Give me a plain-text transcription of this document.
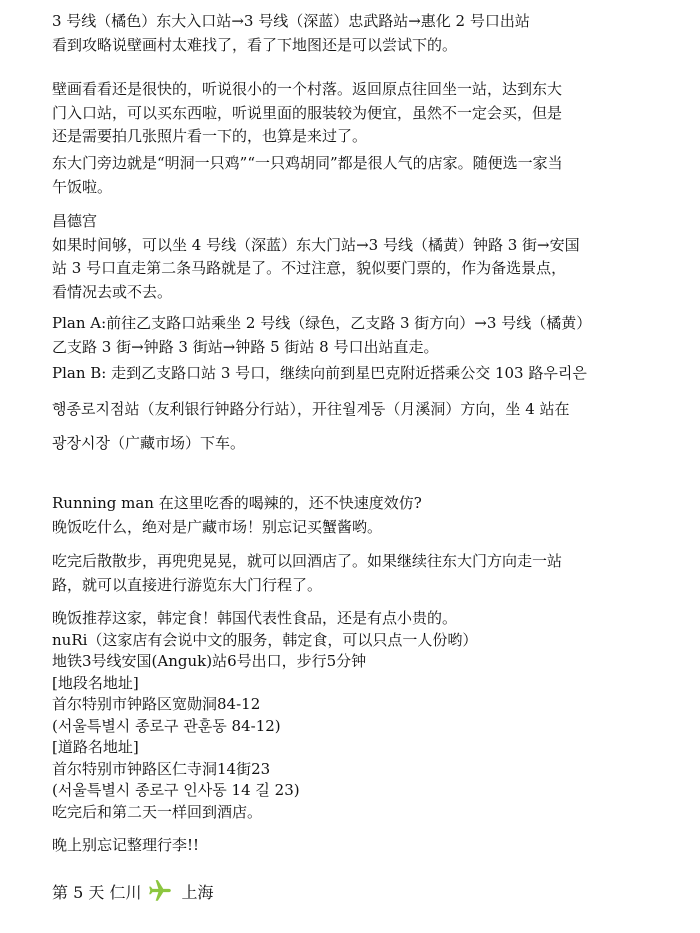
3 号线（橘色）东大入口站→3 号线（深蓝）忠武路站→惠化 2 号口出站
看到攻略说壁画村太难找了，看了下地图还是可以尝试下的。

壁画看看还是很快的，听说很小的一个村落。返回原点往回坐一站，达到东大
门入口站，可以买东西啦，听说里面的服装较为便宜，虽然不一定会买，但是
还是需要拍几张照片看一下的，也算是来过了。

东大门旁边就是“明洞一只鸡”“一只鸡胡同”都是很人气的店家。随便选一家当
午饭啦。

昌德宫
如果时间够，可以坐 4 号线（深蓝）东大门站→3 号线（橘黄）钟路 3 街→安国
站 3 号口直走第二条马路就是了。不过注意，貌似要门票的，作为备选景点，
看情况去或不去。

Plan A:前往乙支路口站乘坐 2 号线（绿色，乙支路 3 街方向）→3 号线（橘黄）
乙支路 3 街→钟路 3 街站→钟路 5 街站 8 号口出站直走。

Plan B: 走到乙支路口站 3 号口，继续向前到星巴克附近搭乘公交 103 路우리은

행종로지점站（友利银行钟路分行站），开往월계동（月溪洞）方向，坐 4 站在

광장시장（广藏市场）下车。

Running man 在这里吃香的喝辣的，还不快速度效仿?
晚饭吃什么，绝对是广藏市场！别忘记买蟹酱哟。

吃完后散散步，再兜兜晃晃，就可以回酒店了。如果继续往东大门方向走一站
路，就可以直接进行游览东大门行程了。

晚饭推荐这家，韩定食！韩国代表性食品，还是有点小贵的。
nuRi（这家店有会说中文的服务，韩定食，可以只点一人份哟）
地铁3号线安国(Anguk)站6号出口，步行5分钟
[地段名地址]
首尔特别市钟路区宽勋洞84-12
(서울특별시 종로구 관훈동 84-12)
[道路名地址]
首尔特别市钟路区仁寺洞14街23
(서울특별시 종로구 인사동 14 길 23)
吃完后和第二天一样回到酒店。

晚上别忘记整理行李!!

第 5 天 仁川	上海
